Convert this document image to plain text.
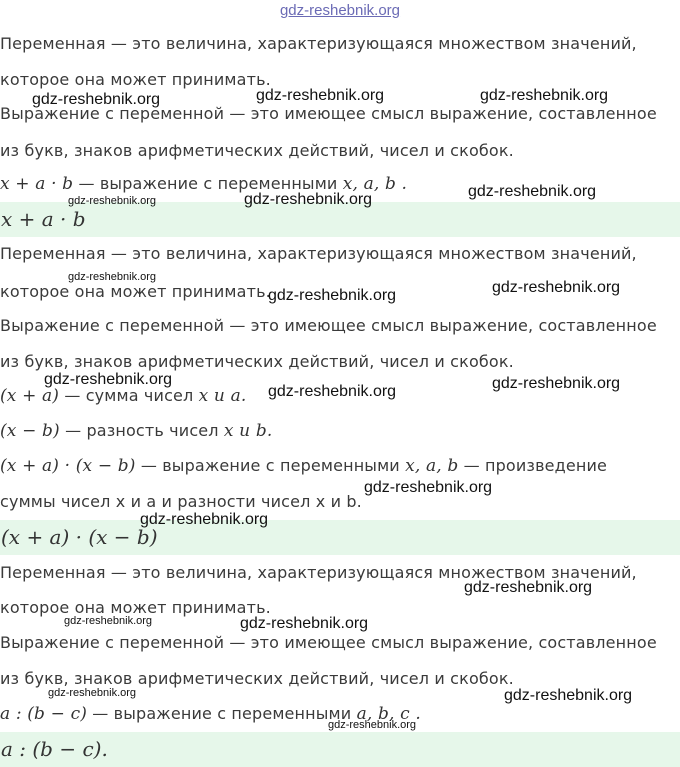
gdz-reshebnik.org
Переменная — это величина, характеризующаяся множеством значений,
которое она может принимать.
Выражение с переменной — это имеющее смысл выражение, составленное
из букв, знаков арифметических действий, чисел и скобок.
x + a · b — выражение с переменными x, a, b .
x + a · b
Переменная — это величина, характеризующаяся множеством значений,
которое она может принимать.
Выражение с переменной — это имеющее смысл выражение, составленное
из букв, знаков арифметических действий, чисел и скобок.
(x + a) — сумма чисел x и a.
(x − b) — разность чисел x и b.
(x + a) · (x − b) — выражение с переменными x, a, b — произведение
суммы чисел x и a и разности чисел x и b.
(x + a) · (x − b)
Переменная — это величина, характеризующаяся множеством значений,
которое она может принимать.
Выражение с переменной — это имеющее смысл выражение, составленное
из букв, знаков арифметических действий, чисел и скобок.
a : (b − c) — выражение с переменными a, b, c .
a : (b − c).
gdz-reshebnik.org	gdz-reshebnik.org	gdz-reshebnik.org
gdz-reshebnik.org	gdz-reshebnik.org	gdz-reshebnik.org
gdz-reshebnik.org
gdz-reshebnik.org	gdz-reshebnik.org
gdz-reshebnik.org
gdz-reshebnik.org	gdz-reshebnik.org
gdz-reshebnik.org
gdz-reshebnik.org
gdz-reshebnik.org
gdz-reshebnik.org	gdz-reshebnik.org
gdz-reshebnik.org	gdz-reshebnik.org
gdz-reshebnik.org
